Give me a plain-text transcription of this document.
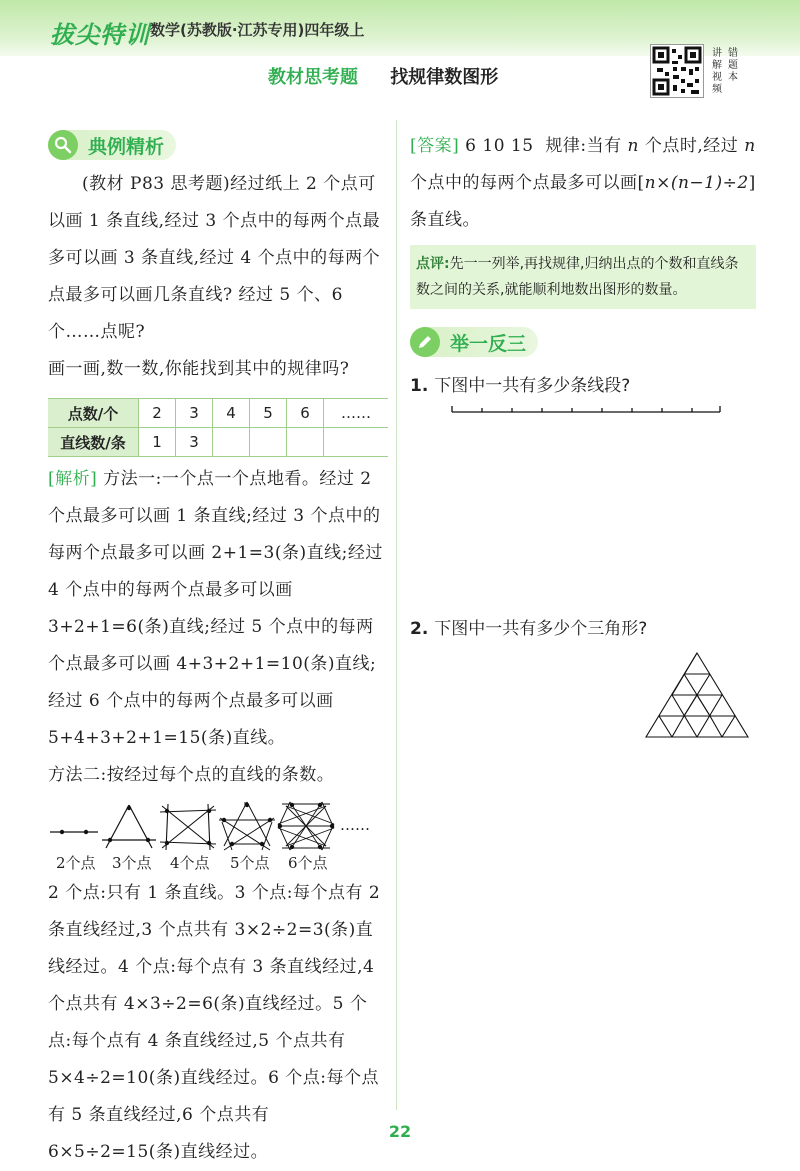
拔尖特训 数学(苏教版·江苏专用)四年级上
教材思考题 找规律数图形
讲解视频
错题本
典例精析

(教材 P83 思考题)经过纸上 2 个点可以画 1 条直线,经过 3 个点中的每两个点最多可以画 3 条直线,经过 4 个点中的每两个点最多可以画几条直线? 经过 5 个、6 个……点呢?

画一画,数一数,你能找到其中的规律吗?

点数/个	2	3	4	5	6	……
直线数/条	1	3				

[解析] 方法一:一个点一个点地看。经过 2 个点最多可以画 1 条直线;经过 3 个点中的每两个点最多可以画 2+1=3(条)直线;经过 4 个点中的每两个点最多可以画 3+2+1=6(条)直线;经过 5 个点中的每两个点最多可以画 4+3+2+1=10(条)直线;经过 6 个点中的每两个点最多可以画 5+4+3+2+1=15(条)直线。

方法二:按经过每个点的直线的条数。

……
2个点	3个点	4个点	5个点	6个点

2 个点:只有 1 条直线。3 个点:每个点有 2 条直线经过,3 个点共有 3×2÷2=3(条)直线经过。4 个点:每个点有 3 条直线经过,4 个点共有 4×3÷2=6(条)直线经过。5 个点:每个点有 4 条直线经过,5 个点共有 5×4÷2=10(条)直线经过。6 个点:每个点有 5 条直线经过,6 个点共有 6×5÷2=15(条)直线经过。

[答案] 6 10 15 规律:当有 n 个点时,经过 n 个点中的每两个点最多可以画[n×(n−1)÷2]条直线。

点评:先一一列举,再找规律,归纳出点的个数和直线条数之间的关系,就能顺利地数出图形的数量。
举一反三
1. 下图中一共有多少条线段?
2. 下图中一共有多少个三角形?
22
